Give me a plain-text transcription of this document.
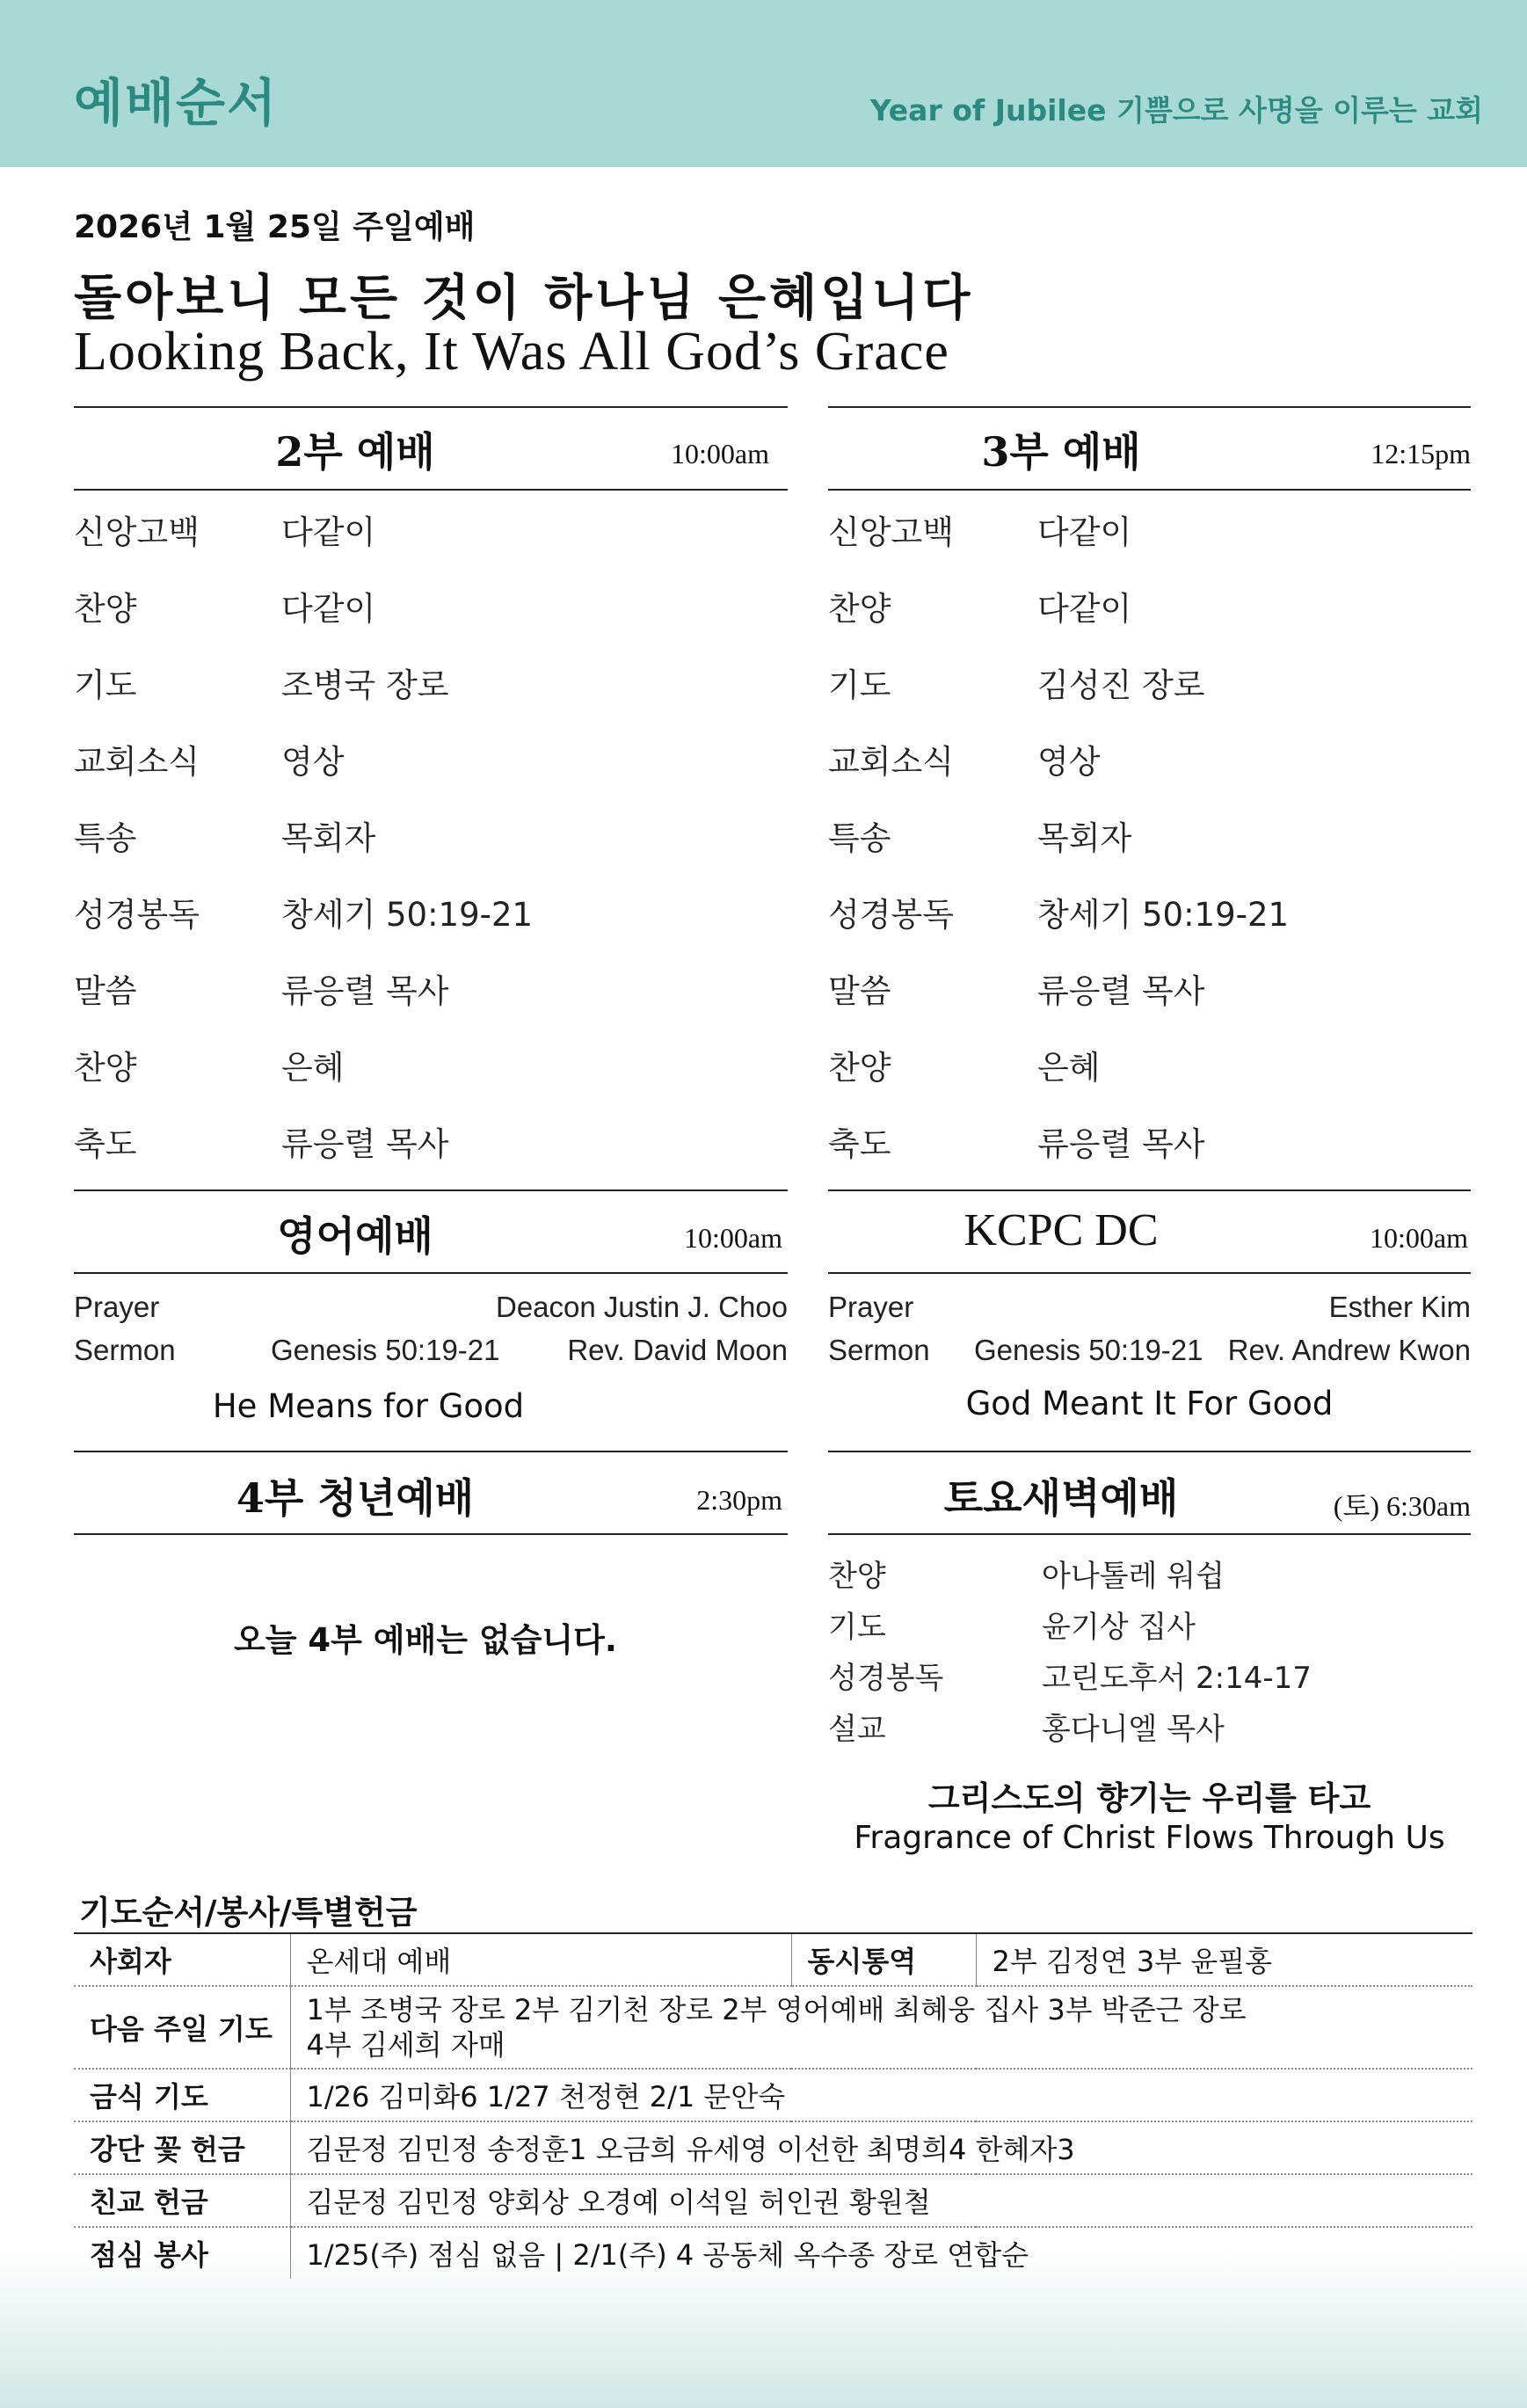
예배순서	Year of Jubilee 기쁨으로 사명을 이루는 교회
2026년 1월 25일 주일예배
돌아보니 모든 것이 하나님 은혜입니다
Looking Back, It Was All God’s Grace
2부 예배	10:00am
신앙고백	다같이
찬양	다같이
기도	조병국 장로
교회소식	영상
특송	목회자
성경봉독	창세기 50:19-21
말씀	류응렬 목사
찬양	은혜
축도	류응렬 목사
3부 예배	12:15pm
신앙고백	다같이
찬양	다같이
기도	김성진 장로
교회소식	영상
특송	목회자
성경봉독	창세기 50:19-21
말씀	류응렬 목사
찬양	은혜
축도	류응렬 목사
영어예배	10:00am
Prayer	Deacon Justin J. Choo
Sermon	Genesis 50:19-21	Rev. David Moon
He Means for Good
KCPC DC	10:00am
Prayer	Esther Kim
Sermon Genesis 50:19-21 Rev. Andrew Kwon
God Meant It For Good
4부 청년예배	2:30pm
오늘 4부 예배는 없습니다.
토요새벽예배	(토) 6:30am
찬양	아나톨레 워쉽
기도	윤기상 집사
성경봉독	고린도후서 2:14-17
설교	홍다니엘 목사
그리스도의 향기는 우리를 타고
Fragrance of Christ Flows Through Us
기도순서/봉사/특별헌금
사회자	온세대 예배	동시통역	2부 김정연 3부 윤필홍
다음 주일 기도	1부 조병국 장로 2부 김기천 장로 2부 영어예배 최혜웅 집사 3부 박준근 장로
4부 김세희 자매		

금식 기도	1/26 김미화6 1/27 천정현 2/1 문안숙		
강단 꽃 헌금	김문정 김민정 송정훈1 오금희 유세영 이선한 최명희4 한혜자3		
친교 헌금	김문정 김민정 양회상 오경예 이석일 허인권 황원철		
점심 봉사	1/25(주) 점심 없음 | 2/1(주) 4 공동체 옥수종 장로 연합순		
